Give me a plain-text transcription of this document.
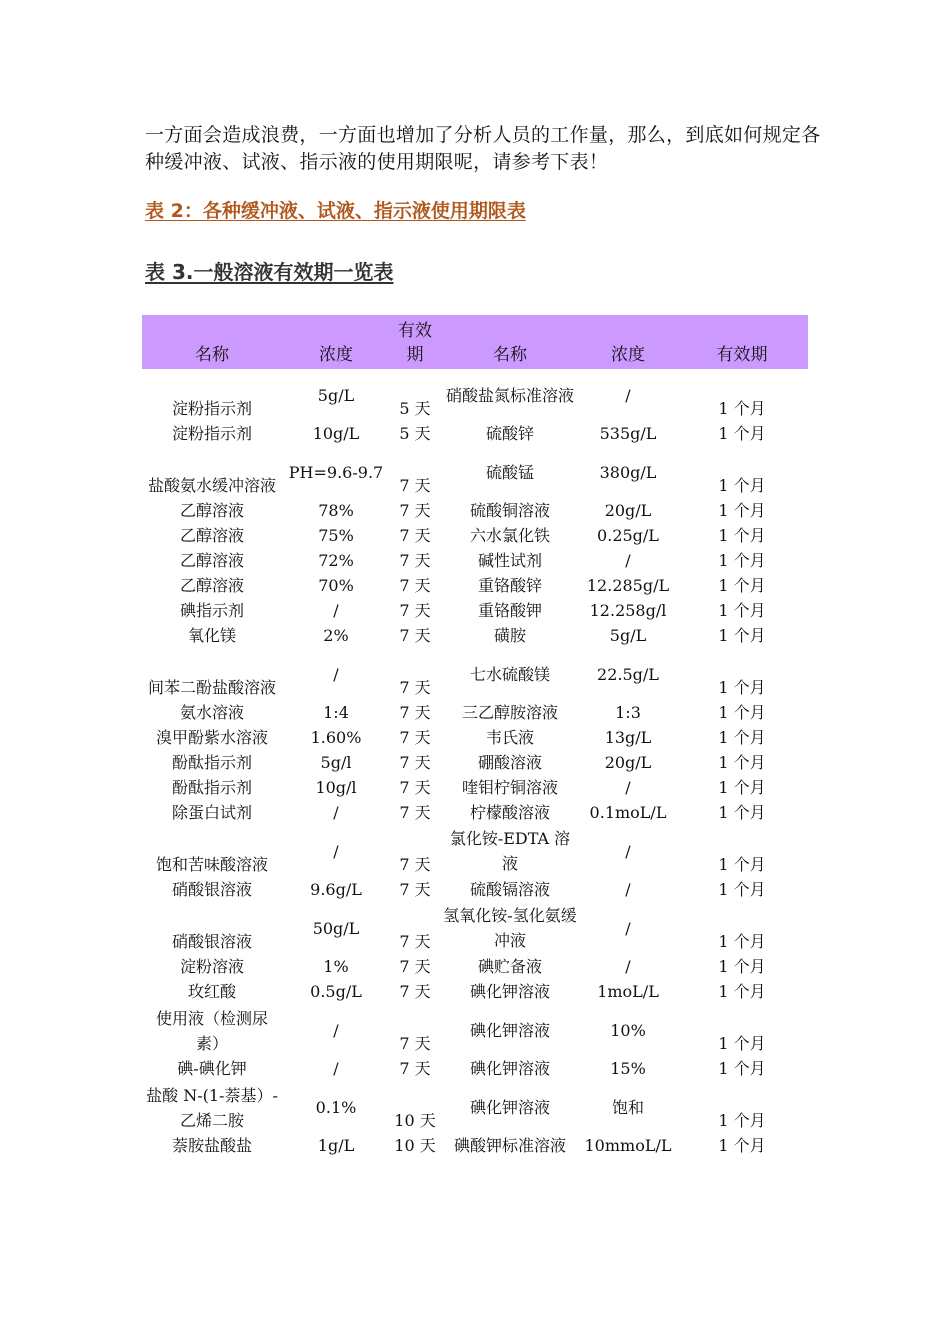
一方面会造成浪费，一方面也增加了分析人员的工作量，那么，到底如何规定各种缓冲液、试液、指示液的使用期限呢，请参考下表！
表 2：各种缓冲液、试液、指示液使用期限表
表 3.一般溶液有效期一览表
名称	浓度	有效期	名称	浓度	有效期
淀粉指示剂	5g/L	5 天	硝酸盐氮标准溶液	/	1 个月
淀粉指示剂	10g/L	5 天	硫酸锌	535g/L	1 个月
盐酸氨水缓冲溶液	PH=9.6-9.7	7 天	硫酸锰	380g/L	1 个月
乙醇溶液	78%	7 天	硫酸铜溶液	20g/L	1 个月
乙醇溶液	75%	7 天	六水氯化铁	0.25g/L	1 个月
乙醇溶液	72%	7 天	碱性试剂	/	1 个月
乙醇溶液	70%	7 天	重铬酸锌	12.285g/L	1 个月
碘指示剂	/	7 天	重铬酸钾	12.258g/l	1 个月
氧化镁	2%	7 天	磺胺	5g/L	1 个月
间苯二酚盐酸溶液	/	7 天	七水硫酸镁	22.5g/L	1 个月
氨水溶液	1:4	7 天	三乙醇胺溶液	1:3	1 个月
溴甲酚紫水溶液	1.60%	7 天	韦氏液	13g/L	1 个月
酚酞指示剂	5g/l	7 天	硼酸溶液	20g/L	1 个月
酚酞指示剂	10g/l	7 天	喹钼柠铜溶液	/	1 个月
除蛋白试剂	/	7 天	柠檬酸溶液	0.1moL/L	1 个月
饱和苦味酸溶液	/	7 天	氯化铵-EDTA 溶液	/	1 个月
硝酸银溶液	9.6g/L	7 天	硫酸镉溶液	/	1 个月
硝酸银溶液	50g/L	7 天	氢氧化铵-氢化氨缓冲液	/	1 个月
淀粉溶液	1%	7 天	碘贮备液	/	1 个月
玫红酸	0.5g/L	7 天	碘化钾溶液	1moL/L	1 个月
使用液（检测尿素）	/	7 天	碘化钾溶液	10%	1 个月
碘-碘化钾	/	7 天	碘化钾溶液	15%	1 个月
盐酸 N-(1-萘基）-乙烯二胺	0.1%	10 天	碘化钾溶液	饱和	1 个月
萘胺盐酸盐	1g/L	10 天	碘酸钾标准溶液	10mmoL/L	1 个月
